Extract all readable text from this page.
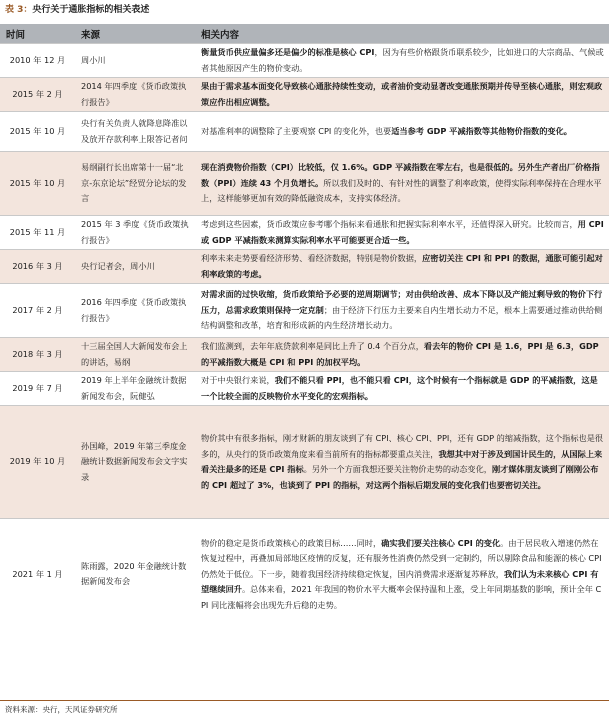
表 3：央行关于通胀指标的相关表述
时间	来源	相关内容
2010 年 12 月	周小川	衡量货币供应量偏多还是偏少的标准是核心 CPI，因为有些价格跟货币联系较少，比如进口的大宗商品、气候或者其他原因产生的物价变动。
2015 年 2 月	2014 年四季度《货币政策执行报告》	果由于需求基本面变化导致核心通胀持续性变动，或者油价变动显著改变通胀预期并传导至核心通胀，则宏观政策应作出相应调整。
2015 年 10 月	央行有关负责人就降息降准以及放开存款利率上限答记者问	对基准利率的调整除了主要观察 CPI 的变化外，也要适当参考 GDP 平减指数等其他物价指数的变化。
2015 年 10 月	易纲副行长出席第十一届“北京-东京论坛”经贸分论坛的发言	现在消费物价指数（CPI）比较低，仅 1.6%。GDP 平减指数在零左右，也是很低的。另外生产者出厂价格指数（PPI）连续 43 个月负增长。所以我们及时的、有针对性的调整了利率政策，使得实际利率保持在合理水平上，这样能够更加有效的降低融资成本，支持实体经济。
2015 年 11 月	2015 年 3 季度《货币政策执行报告》	考虑到这些因素，货币政策应参考哪个指标来看通胀和把握实际利率水平，还值得深入研究。比较而言，用 CPI 或 GDP 平减指数来测算实际利率水平可能要更合适一些。
2016 年 3 月	央行记者会，周小川	利率未来走势要看经济形势、看经济数据，特别是物价数据，应密切关注 CPI 和 PPI 的数据，通胀可能引起对利率政策的考虑。
2017 年 2 月	2016 年四季度《货币政策执行报告》	对需求面的过快收缩，货币政策给予必要的逆周期调节；对由供给改善、成本下降以及产能过剩导致的物价下行压力，总需求政策则保持一定克制；由于经济下行压力主要来自内生增长动力不足，根本上需要通过推动供给侧结构调整和改革，培育和形成新的内生经济增长动力。
2018 年 3 月	十三届全国人大新闻发布会上的讲话，易纲	我们监测到，去年年底贷款利率是同比上升了 0.4 个百分点，看去年的物价 CPI 是 1.6，PPI 是 6.3，GDP 的平减指数大概是 CPI 和 PPI 的加权平均。
2019 年 7 月	2019 年上半年金融统计数据新闻发布会，阮健弘	对于中央银行来说，我们不能只看 PPI，也不能只看 CPI，这个时候有一个指标就是 GDP 的平减指数，这是一个比较全面的反映物价水平变化的宏观指标。
2019 年 10 月	孙国峰，2019 年第三季度金融统计数据新闻发布会文字实录	物价其中有很多指标，刚才财新的朋友谈到了有 CPI、核心 CPI、PPI，还有 GDP 的缩减指数，这个指标也是很多的，从央行的货币政策角度来看当前所有的指标都要重点关注，我想其中对于涉及到国计民生的，从国际上来看关注最多的还是 CPI 指标。另外一个方面我想还要关注物价走势的动态变化，刚才媒体朋友谈到了刚刚公布的 CPI 超过了 3%，也谈到了 PPI 的指标，对这两个指标后期发展的变化我们也要密切关注。
2021 年 1 月	陈雨露，2020 年金融统计数据新闻发布会	物价的稳定是货币政策核心的政策目标……同时，确实我们要关注核心 CPI 的变化。由于居民收入增速仍然在恢复过程中，再叠加局部地区疫情的反复，还有服务性消费仍然受到一定制约，所以剔除食品和能源的核心 CPI 仍然处于低位。下一步，随着我国经济持续稳定恢复，国内消费需求逐渐复苏释放，我们认为未来核心 CPI 有望继续回升。总体来看，2021 年我国的物价水平大概率会保持温和上涨，受上年同期基数的影响，预计全年 CPI 同比涨幅将会出现先升后稳的走势。
资料来源：央行，天风证券研究所
